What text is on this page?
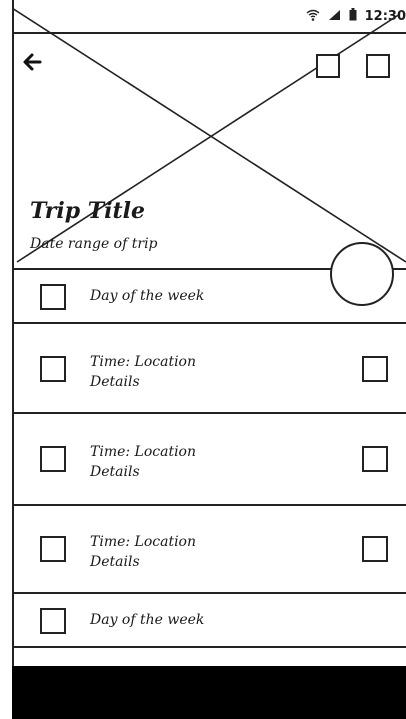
12:30
Trip Title
Date range of trip
Day of the week
Time: Location
Details
Time: Location
Details
Time: Location
Details
Day of the week
